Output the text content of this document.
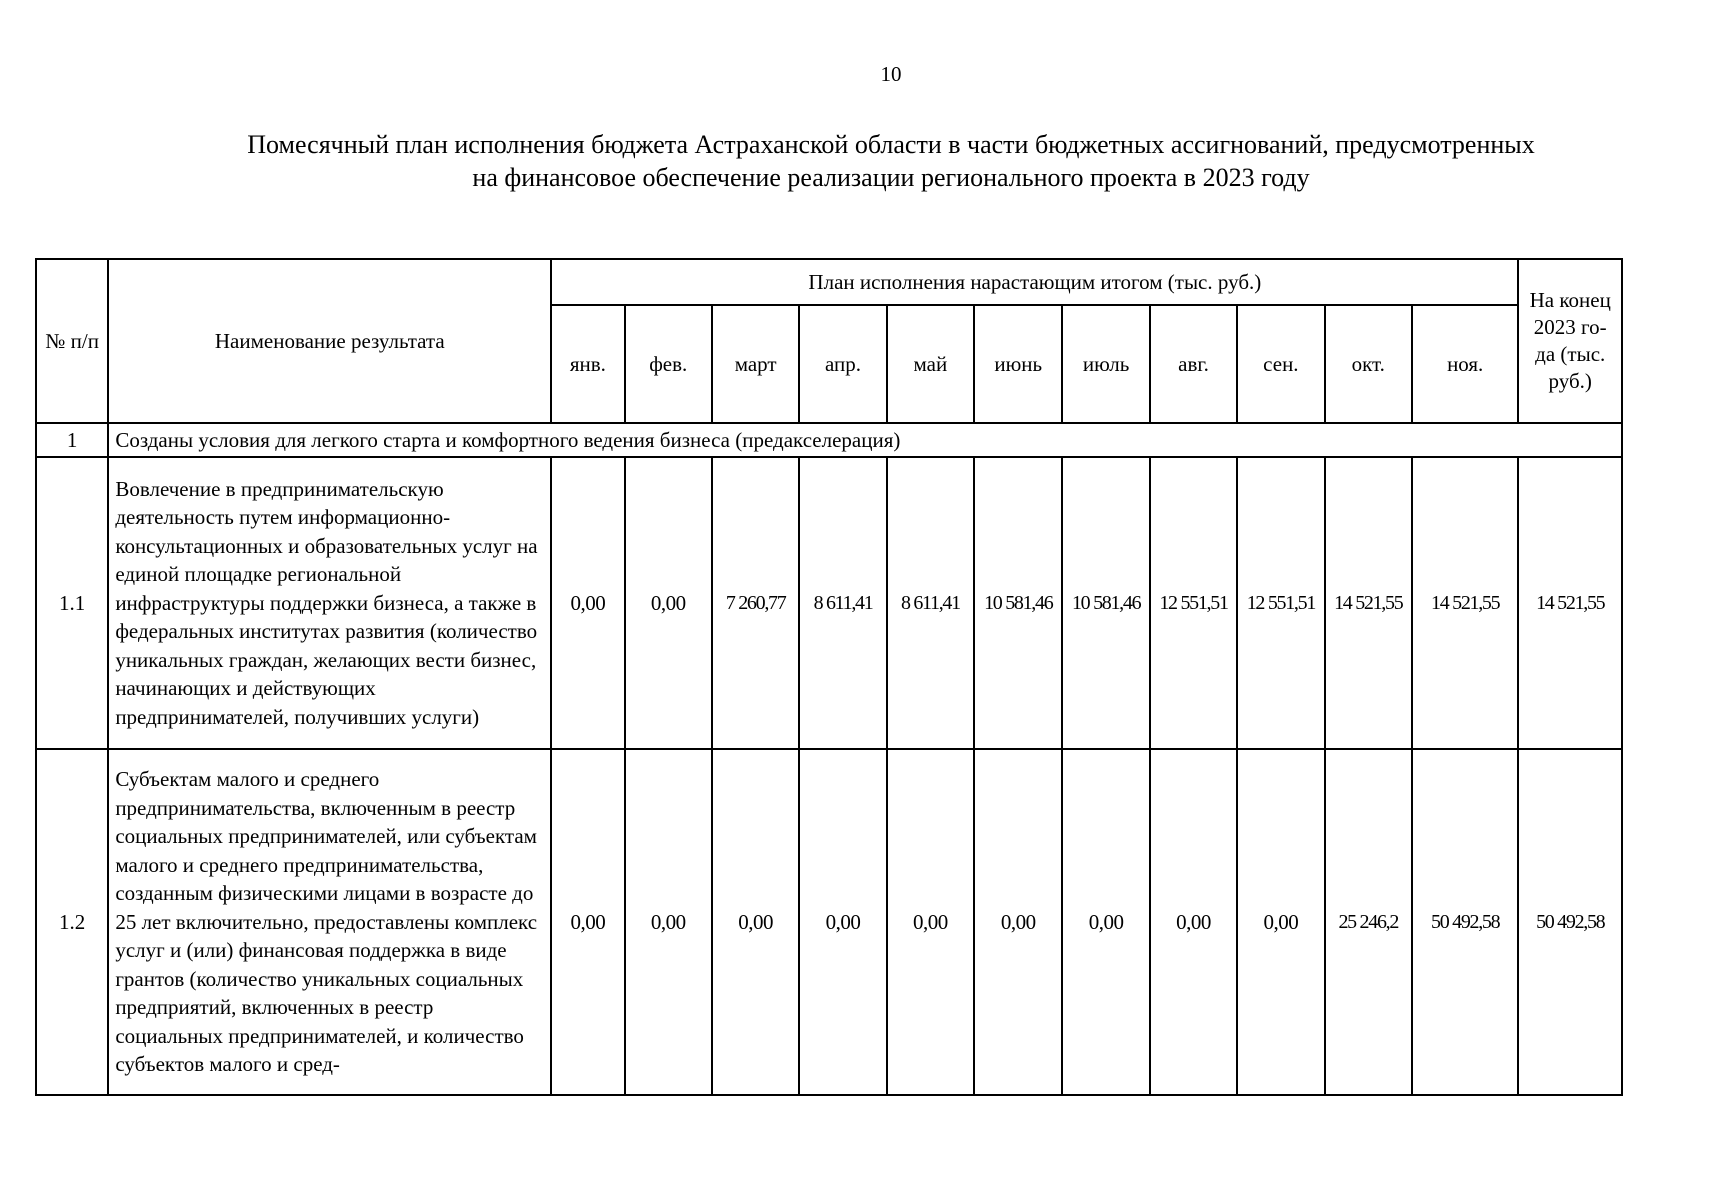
10
Помесячный план исполнения бюджета Астраханской области в части бюджетных ассигнований, предусмотренных
на финансовое обеспечение реализации регионального проекта в 2023 году
№ п/п	Наименование результата	План исполнения нарастающим итогом (тыс. руб.)											На конец
2023 го-
да (тыс.
руб.)

		янв.	фев.	март	апр.	май	июнь	июль	авг.	сен.	окт.	ноя.	
1	Созданы условия для легкого старта и комфортного ведения бизнеса (предакселерация)												
1.1	Вовлечение в предпринимательскую деятельность путем информационно-консультационных и образовательных услуг на единой площадке региональной инфраструктуры поддержки бизнеса, а также в федеральных институтах развития (количество уникальных граждан, желающих вести бизнес, начинающих и действующих предпринимателей, получивших услуги)	0,00	0,00	7 260,77	8 611,41	8 611,41	10 581,46	10 581,46	12 551,51	12 551,51	14 521,55	14 521,55	14 521,55
1.2	Субъектам малого и среднего предпринимательства, включенным в реестр социальных предпринимателей, или субъектам малого и среднего предпринимательства, созданным физическими лицами в возрасте до 25 лет включительно, предоставлены комплекс услуг и (или) финансовая поддержка в виде грантов (количество уникальных социальных предприятий, включенных в реестр социальных предпринимателей, и количество субъектов малого и сред-	0,00	0,00	0,00	0,00	0,00	0,00	0,00	0,00	0,00	25 246,2	50 492,58	50 492,58
